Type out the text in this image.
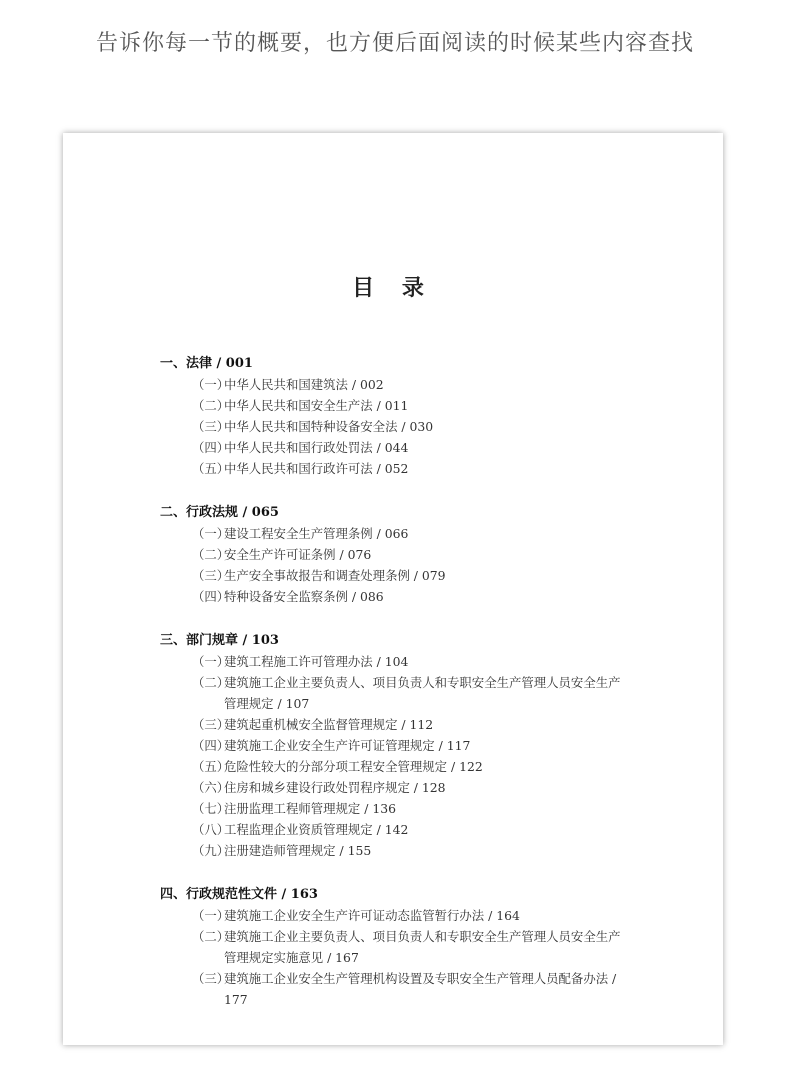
告诉你每一节的概要，也方便后面阅读的时候某些内容查找
目 录
一、法律 / 001
（一）
中华人民共和国建筑法 / 002
（二）
中华人民共和国安全生产法 / 011
（三）
中华人民共和国特种设备安全法 / 030
（四）
中华人民共和国行政处罚法 / 044
（五）
中华人民共和国行政许可法 / 052
二、行政法规 / 065
（一）
建设工程安全生产管理条例 / 066
（二）
安全生产许可证条例 / 076
（三）
生产安全事故报告和调查处理条例 / 079
（四）
特种设备安全监察条例 / 086
三、部门规章 / 103
（一）
建筑工程施工许可管理办法 / 104
（二）
建筑施工企业主要负责人、项目负责人和专职安全生产管理人员安全生产管理规定 / 107
（三）
建筑起重机械安全监督管理规定 / 112
（四）
建筑施工企业安全生产许可证管理规定 / 117
（五）
危险性较大的分部分项工程安全管理规定 / 122
（六）
住房和城乡建设行政处罚程序规定 / 128
（七）
注册监理工程师管理规定 / 136
（八）
工程监理企业资质管理规定 / 142
（九）
注册建造师管理规定 / 155
四、行政规范性文件 / 163
（一）
建筑施工企业安全生产许可证动态监管暂行办法 / 164
（二）
建筑施工企业主要负责人、项目负责人和专职安全生产管理人员安全生产管理规定实施意见 / 167
（三）
建筑施工企业安全生产管理机构设置及专职安全生产管理人员配备办法 / 177
